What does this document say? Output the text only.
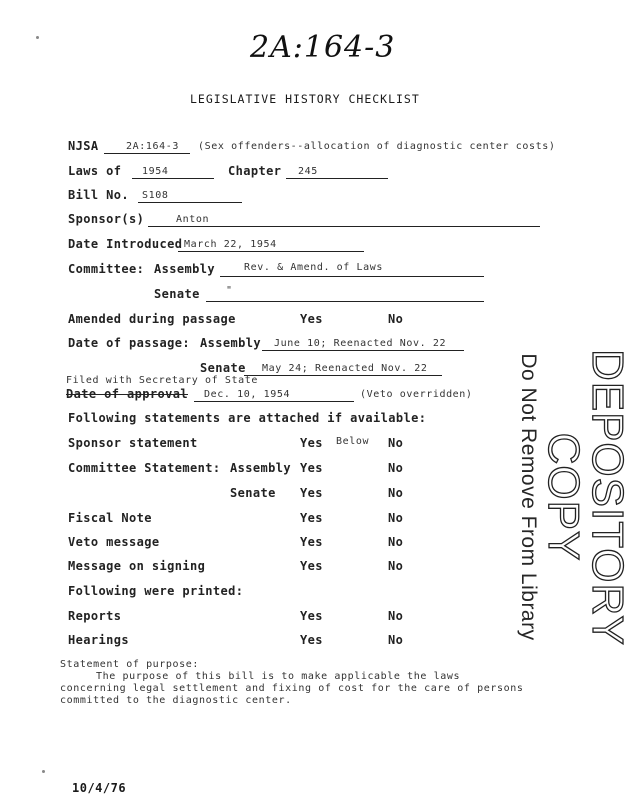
2A:164-3
LEGISLATIVE HISTORY CHECKLIST
NJSA	2A:164-3 (Sex offenders--allocation of diagnostic center costs)
Laws of 1954	Chapter 245
Bill No. S108
Sponsor(s)	Anton
Date Introduced March 22, 1954
Committee: Assembly	Rev. & Amend. of Laws
Senate	"
Amended during passage	Yes	No
Date of passage: Assembly June 10; Reenacted Nov. 22
Senate May 24; Reenacted Nov. 22
Filed with Secretary of State
Date of approval Dec. 10, 1954	(Veto overridden)
Following statements are attached if available:
Sponsor statement	Yes Below No
Committee Statement: Assembly Yes	No
Senate Yes	No
Fiscal Note	Yes	No
Veto message	Yes	No
Message on signing	Yes	No
Following were printed:
Reports	Yes	No
Hearings	Yes	No
Statement of purpose:
The purpose of this bill is to make applicable the laws
concerning legal settlement and fixing of cost for the care of persons
committed to the diagnostic center.
DEPOSITORY COPY
Do Not Remove From Library
10/4/76
